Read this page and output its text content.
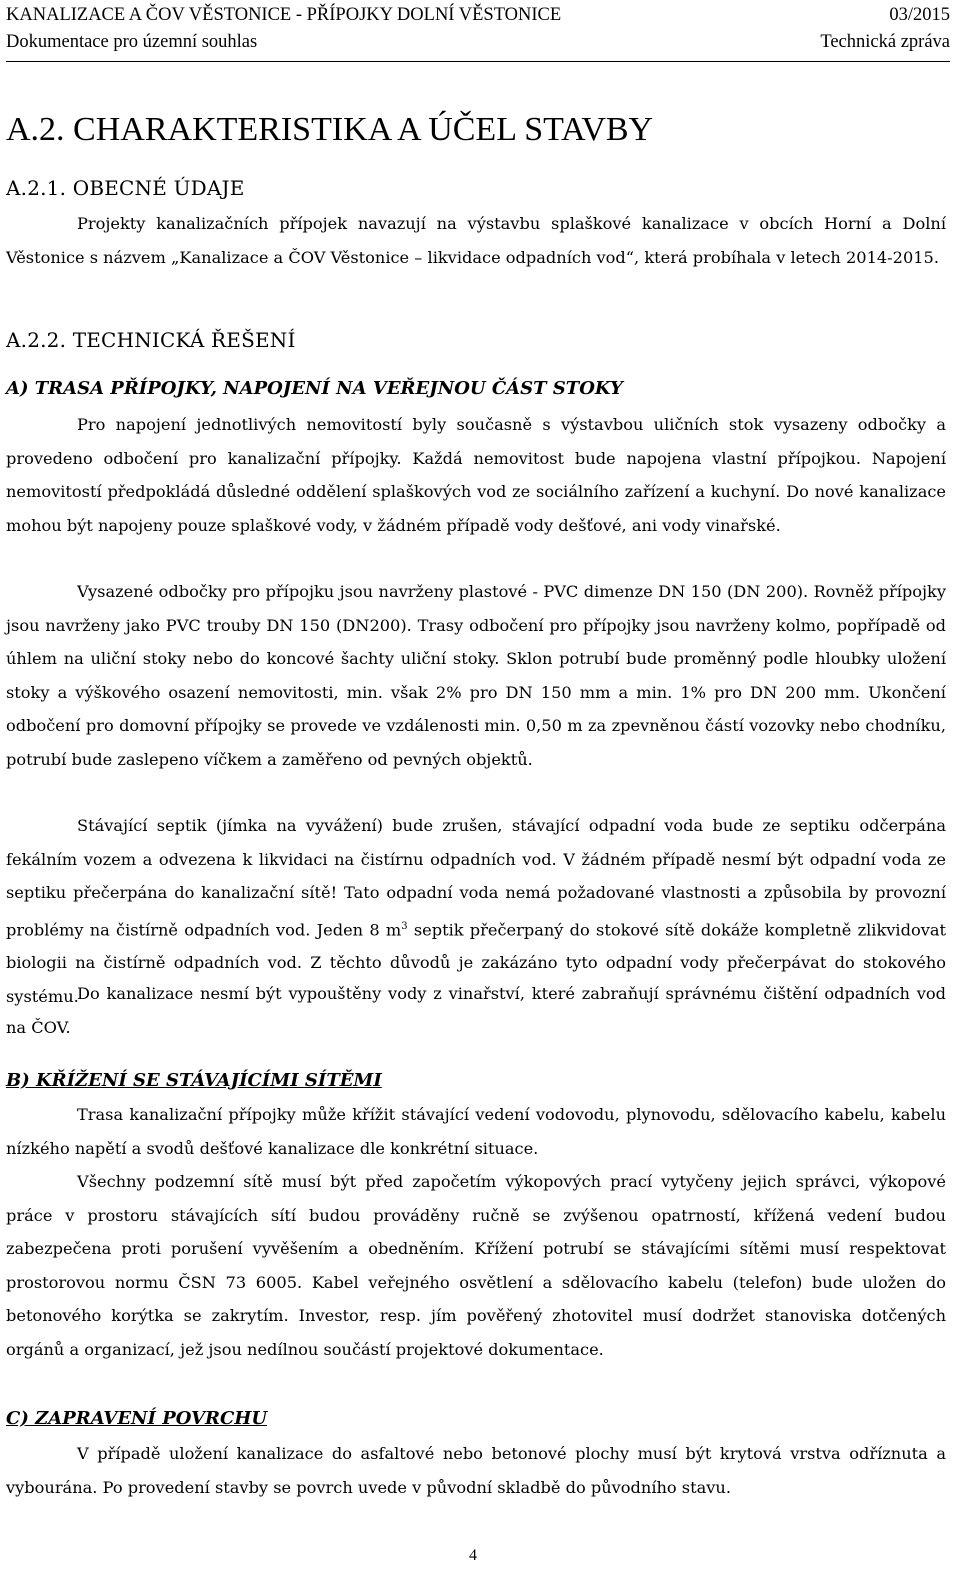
KANALIZACE A ČOV VĚSTONICE - PŘÍPOJKY DOLNÍ VĚSTONICE	03/2015
Dokumentace pro územní souhlas	Technická zpráva
A.2. CHARAKTERISTIKA A ÚČEL STAVBY
A.2.1. OBECNÉ ÚDAJE

Projekty kanalizačních přípojek navazují na výstavbu splaškové kanalizace v obcích Horní a Dolní Věstonice s názvem „Kanalizace a ČOV Věstonice – likvidace odpadních vod“, která probíhala v letech 2014-2015.

A.2.2. TECHNICKÁ ŘEŠENÍ
A) TRASA PŘÍPOJKY, NAPOJENÍ NA VEŘEJNOU ČÁST STOKY

Pro napojení jednotlivých nemovitostí byly současně s výstavbou uličních stok vysazeny odbočky a provedeno odbočení pro kanalizační přípojky. Každá nemovitost bude napojena vlastní přípojkou. Napojení nemovitostí předpokládá důsledné oddělení splaškových vod ze sociálního zařízení a kuchyní. Do nové kanalizace mohou být napojeny pouze splaškové vody, v žádném případě vody dešťové, ani vody vinařské.

Vysazené odbočky pro přípojku jsou navrženy plastové - PVC dimenze DN 150 (DN 200). Rovněž přípojky jsou navrženy jako PVC trouby DN 150 (DN200). Trasy odbočení pro přípojky jsou navrženy kolmo, popřípadě od úhlem na uliční stoky nebo do koncové šachty uliční stoky. Sklon potrubí bude proměnný podle hloubky uložení stoky a výškového osazení nemovitosti, min. však 2% pro DN 150 mm a min. 1% pro DN 200 mm. Ukončení odbočení pro domovní přípojky se provede ve vzdálenosti min. 0,50 m za zpevněnou částí vozovky nebo chodníku, potrubí bude zaslepeno víčkem a zaměřeno od pevných objektů.

Stávající septik (jímka na vyvážení) bude zrušen, stávající odpadní voda bude ze septiku odčerpána fekálním vozem a odvezena k likvidaci na čistírnu odpadních vod. V žádném případě nesmí být odpadní voda ze septiku přečerpána do kanalizační sítě! Tato odpadní voda nemá požadované vlastnosti a způsobila by provozní problémy na čistírně odpadních vod. Jeden 8 $m^3$ septik přečerpaný do stokové sítě dokáže kompletně zlikvidovat biologii na čistírně odpadních vod. Z těchto důvodů je zakázáno tyto odpadní vody přečerpávat do stokového systému.

Do kanalizace nesmí být vypouštěny vody z vinařství, které zabraňují správnému čištění odpadních vod na ČOV.

B) KŘÍŽENÍ SE STÁVAJÍCÍMI SÍTĚMI

Trasa kanalizační přípojky může křížit stávající vedení vodovodu, plynovodu, sdělovacího kabelu, kabelu nízkého napětí a svodů dešťové kanalizace dle konkrétní situace.

Všechny podzemní sítě musí být před započetím výkopových prací vytyčeny jejich správci, výkopové práce v prostoru stávajících sítí budou prováděny ručně se zvýšenou opatrností, křížená vedení budou zabezpečena proti porušení vyvěšením a obedněním. Křížení potrubí se stávajícími sítěmi musí respektovat prostorovou normu ČSN 73 6005. Kabel veřejného osvětlení a sdělovacího kabelu (telefon) bude uložen do betonového korýtka se zakrytím. Investor, resp. jím pověřený zhotovitel musí dodržet stanoviska dotčených orgánů a organizací, jež jsou nedílnou součástí projektové dokumentace.

C) ZAPRAVENÍ POVRCHU

V případě uložení kanalizace do asfaltové nebo betonové plochy musí být krytová vrstva odříznuta a vybourána. Po provedení stavby se povrch uvede v původní skladbě do původního stavu.

4
